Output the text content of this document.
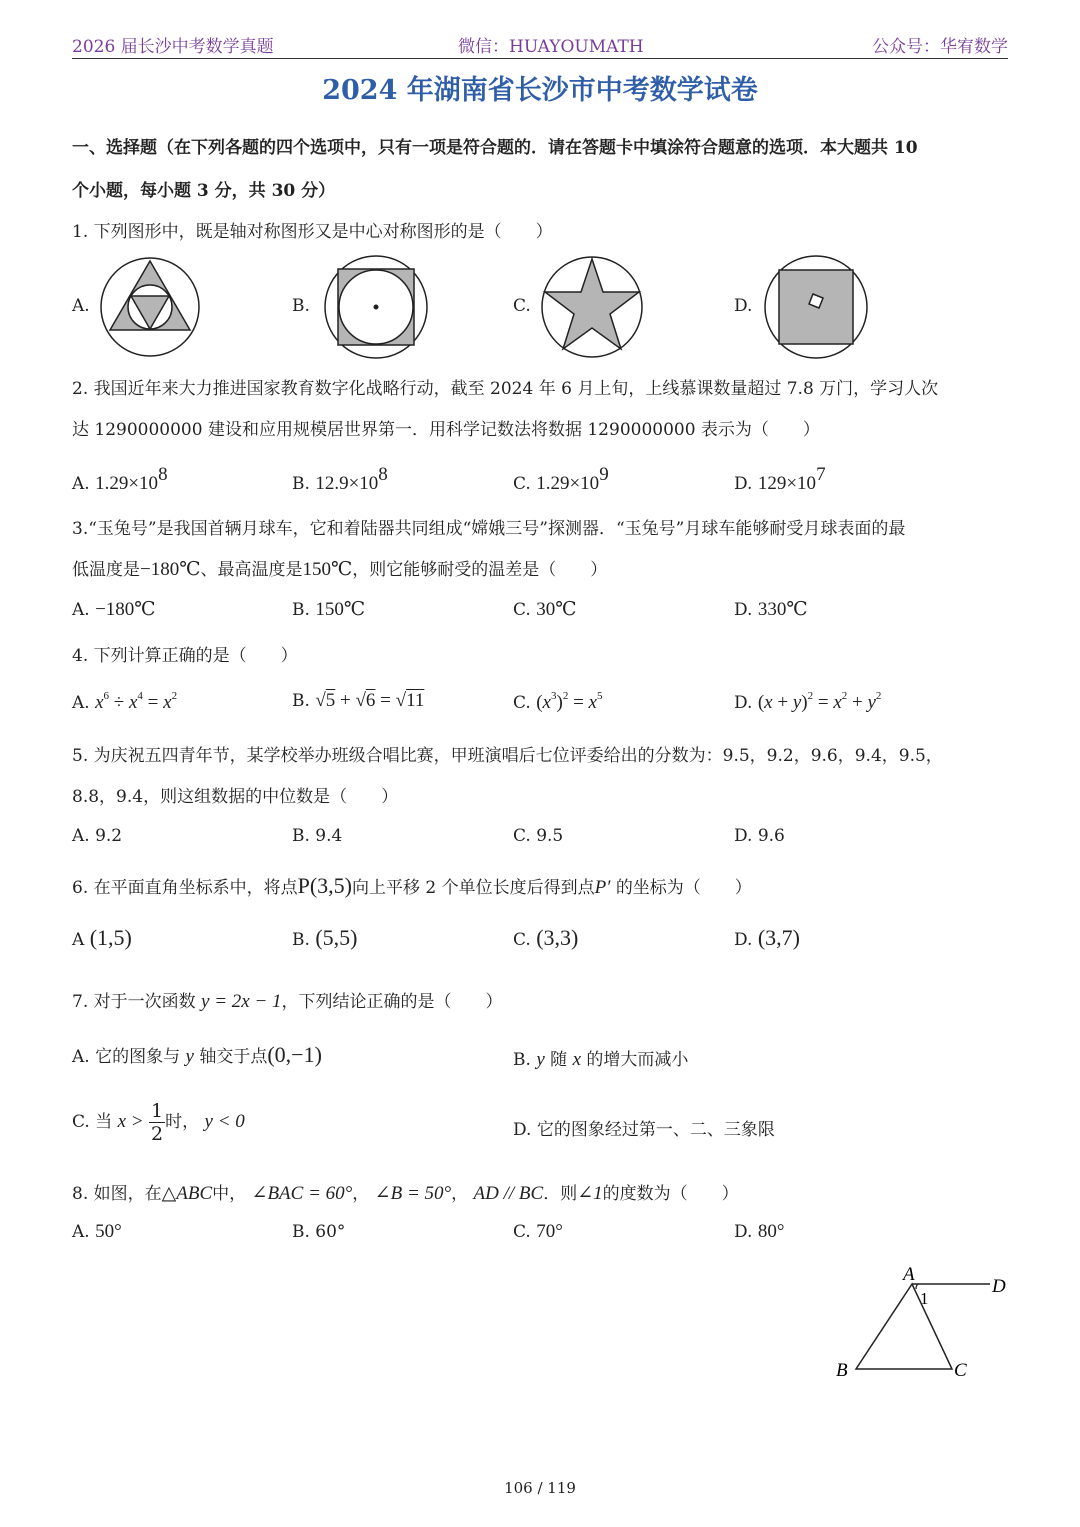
2026 届长沙中考数学真题	微信：HUAYOUMATH	公众号：华宥数学
2024 年湖南省长沙市中考数学试卷
一、选择题（在下列各题的四个选项中，只有一项是符合题的．请在答题卡中填涂符合题意的选项．本大题共 10
个小题，每小题 3 分，共 30 分）
1. 下列图形中，既是轴对称图形又是中心对称图形的是（　　）
A.	B.	C.	D.
2. 我国近年来大力推进国家教育数字化战略行动，截至 2024 年 6 月上旬，上线慕课数量超过 7.8 万门，学习人次
达 1290000000 建设和应用规模居世界第一．用科学记数法将数据 1290000000 表示为（　　）
A. $1.29\times 10^8$	B. $12.9\times 10^8$	C. $1.29\times 10^9$	D. $129\times 10^7$
3.“玉兔号”是我国首辆月球车，它和着陆器共同组成“嫦娥三号”探测器．“玉兔号”月球车能够耐受月球表面的最
低温度是−180℃、最高温度是150℃，则它能够耐受的温差是（　　）
A. −180℃	B. 150℃	C. 30℃	D. 330℃
4. 下列计算正确的是（　　）
A. $x^6 \div x^4 = x^2$	B. √5 + √6 = √11	C. $(x^3)^2 = x^5$	D. $(x + y)^2 = x^2 + y^2$
5. 为庆祝五四青年节，某学校举办班级合唱比赛，甲班演唱后七位评委给出的分数为：9.5，9.2，9.6，9.4，9.5，
8.8，9.4，则这组数据的中位数是（　　）
A. 9.2	B. 9.4	C. 9.5	D. 9.6
6. 在平面直角坐标系中，将点P(3,5)向上平移 2 个单位长度后得到点P′ 的坐标为（　　）
A (1,5)	B. (5,5)	C. (3,3)	D. (3,7)
7. 对于一次函数 y = 2x − 1，下列结论正确的是（　　）
A. 它的图象与 y 轴交于点(0,−1)	B. y 随 x 的增大而减小
C. 当 $x > \frac{1}{2}$ 时， y < 0	D. 它的图象经过第一、二、三象限
8. 如图，在△ABC中， ∠BAC = 60°， ∠B = 50°， AD // BC．则∠1的度数为（　　）
A. 50°	B. 60°	C. 70°	D. 80°
A
D
B	C
1
106 / 119
